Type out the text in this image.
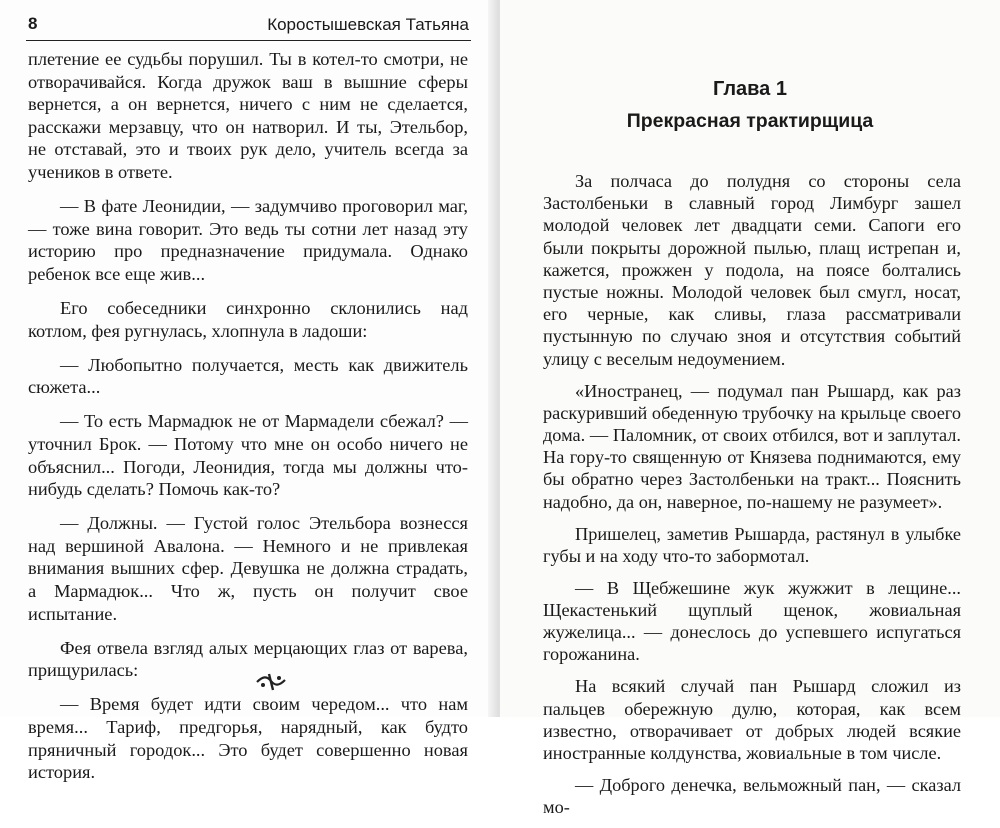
8	Коростышевская Татьяна

плетение ее судьбы порушил. Ты в котел-то смотри, не отворачивайся. Когда дружок ваш в вышние сферы вернется, а он вернется, ничего с ним не сделается, расскажи мерзавцу, что он натворил. И ты, Этельбор, не отставай, это и твоих рук дело, учитель всегда за учеников в ответе.

— В фате Леонидии, — задумчиво проговорил маг, — тоже вина говорит. Это ведь ты сотни лет назад эту историю про предназначение придумала. Однако ребенок все еще жив...

Его собеседники синхронно склонились над котлом, фея ругнулась, хлопнула в ладоши:

— Любопытно получается, месть как движитель сюжета...

— То есть Мармадюк не от Мармадели сбежал? — уточнил Брок. — Потому что мне он особо ничего не объяснил... Погоди, Леонидия, тогда мы должны что-нибудь сделать? Помочь как-то?

— Должны. — Густой голос Этельбора вознесся над вершиной Авалона. — Немного и не привлекая внимания вышних сфер. Девушка не должна страдать, а Мармадюк... Что ж, пусть он получит свое испытание.

Фея отвела взгляд алых мерцающих глаз от варева, прищурилась:

— Время будет идти своим чередом... что нам время... Тариф, предгорья, нарядный, как будто пряничный городок... Это будет совершенно новая история.

Глава 1
Прекрасная трактирщица

За полчаса до полудня со стороны села Застолбеньки в славный город Лимбург зашел молодой человек лет двадцати семи. Сапоги его были покрыты дорожной пылью, плащ истрепан и, кажется, прожжен у подола, на поясе болтались пустые ножны. Молодой человек был смугл, носат, его черные, как сливы, глаза рассматривали пустынную по случаю зноя и отсутствия событий улицу с веселым недоумением.

«Иностранец, — подумал пан Рышард, как раз раскуривший обеденную трубочку на крыльце своего дома. — Паломник, от своих отбился, вот и заплутал. На гору-то священную от Князева поднимаются, ему бы обратно через Застолбеньки на тракт... Пояснить надобно, да он, наверное, по-нашему не разумеет».

Пришелец, заметив Рышарда, растянул в улыбке губы и на ходу что-то забормотал.

— В Щебжешине жук жужжит в лещине... Щекастенький щуплый щенок, жовиальная жужелица... — донеслось до успевшего испугаться горожанина.

На всякий случай пан Рышард сложил из пальцев обережную дулю, которая, как всем известно, отворачивает от добрых людей всякие иностранные колдунства, жовиальные в том числе.

— Доброго денечка, вельможный пан, — сказал мо-
